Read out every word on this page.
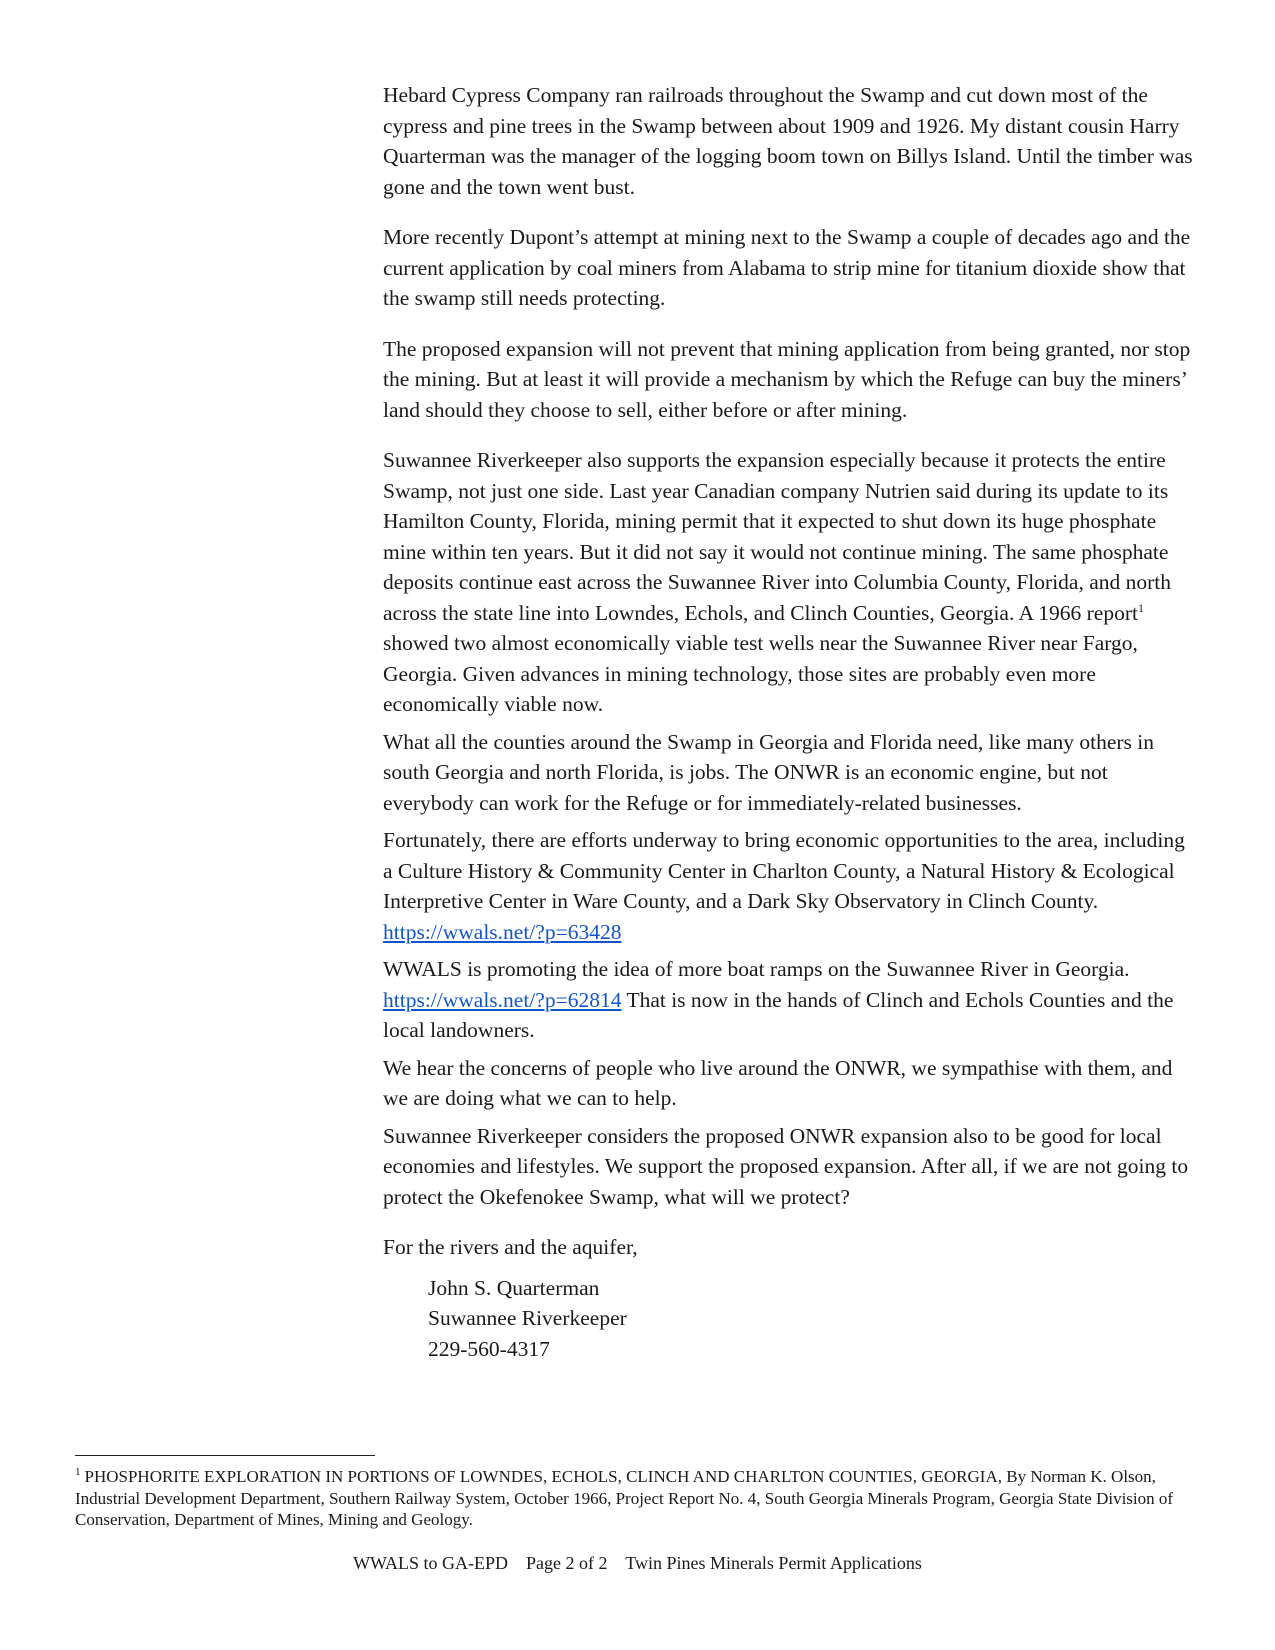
Hebard Cypress Company ran railroads throughout the Swamp and cut down most of the cypress and pine trees in the Swamp between about 1909 and 1926. My distant cousin Harry Quarterman was the manager of the logging boom town on Billys Island. Until the timber was gone and the town went bust.

More recently Dupont’s attempt at mining next to the Swamp a couple of decades ago and the current application by coal miners from Alabama to strip mine for titanium dioxide show that the swamp still needs protecting.

The proposed expansion will not prevent that mining application from being granted, nor stop the mining. But at least it will provide a mechanism by which the Refuge can buy the miners’ land should they choose to sell, either before or after mining.

Suwannee Riverkeeper also supports the expansion especially because it protects the entire Swamp, not just one side. Last year Canadian company Nutrien said during its update to its Hamilton County, Florida, mining permit that it expected to shut down its huge phosphate mine within ten years. But it did not say it would not continue mining. The same phosphate deposits continue east across the Suwannee River into Columbia County, Florida, and north across the state line into Lowndes, Echols, and Clinch Counties, Georgia. A 1966 report$^1$ showed two almost economically viable test wells near the Suwannee River near Fargo, Georgia. Given advances in mining technology, those sites are probably even more economically viable now.

What all the counties around the Swamp in Georgia and Florida need, like many others in south Georgia and north Florida, is jobs. The ONWR is an economic engine, but not everybody can work for the Refuge or for immediately-related businesses.

Fortunately, there are efforts underway to bring economic opportunities to the area, including a Culture History & Community Center in Charlton County, a Natural History & Ecological Interpretive Center in Ware County, and a Dark Sky Observatory in Clinch County. https://wwals.net/?p=63428

WWALS is promoting the idea of more boat ramps on the Suwannee River in Georgia. https://wwals.net/?p=62814 That is now in the hands of Clinch and Echols Counties and the local landowners.

We hear the concerns of people who live around the ONWR, we sympathise with them, and we are doing what we can to help.

Suwannee Riverkeeper considers the proposed ONWR expansion also to be good for local economies and lifestyles. We support the proposed expansion. After all, if we are not going to protect the Okefenokee Swamp, what will we protect?

For the rivers and the aquifer,

John S. Quarterman
Suwannee Riverkeeper
229-560-4317
$^1$ PHOSPHORITE EXPLORATION IN PORTIONS OF LOWNDES, ECHOLS, CLINCH AND CHARLTON COUNTIES, GEORGIA, By Norman K. Olson, Industrial Development Department, Southern Railway System, October 1966, Project Report No. 4, South Georgia Minerals Program, Georgia State Division of Conservation, Department of Mines, Mining and Geology.
WWALS to GA-EPD    Page 2 of 2    Twin Pines Minerals Permit Applications
